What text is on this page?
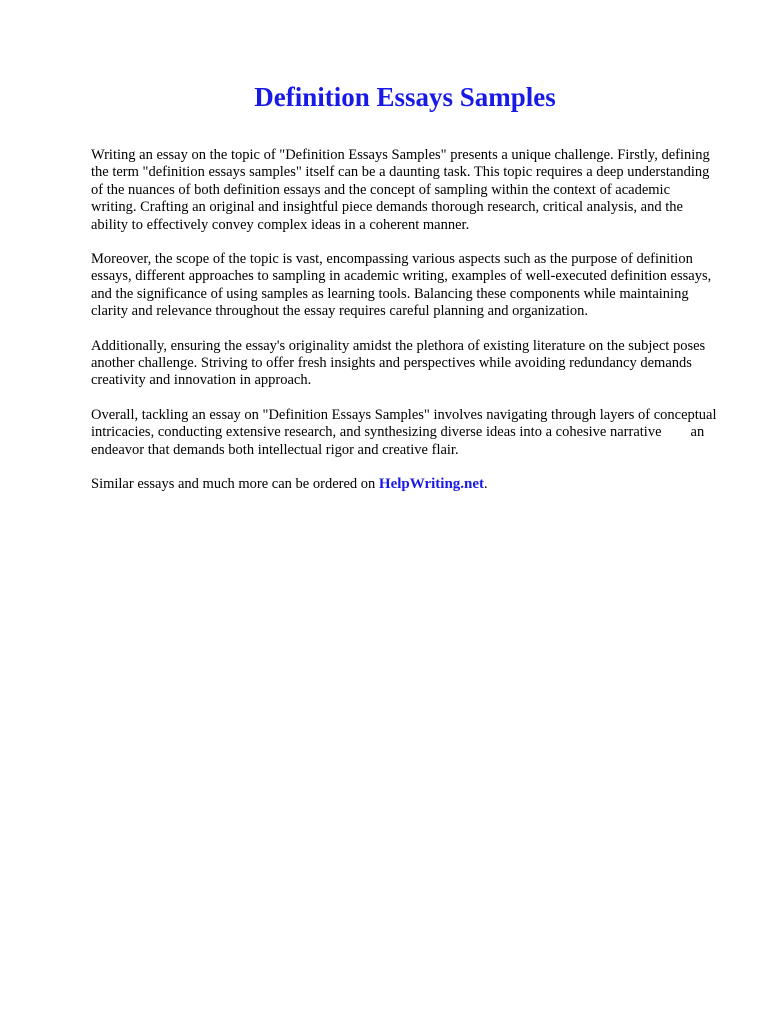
Definition Essays Samples

Writing an essay on the topic of "Definition Essays Samples" presents a unique challenge. Firstly, defining the term "definition essays samples" itself can be a daunting task. This topic requires a deep understanding of the nuances of both definition essays and the concept of sampling within the context of academic writing. Crafting an original and insightful piece demands thorough research, critical analysis, and the ability to effectively convey complex ideas in a coherent manner.

Moreover, the scope of the topic is vast, encompassing various aspects such as the purpose of definition essays, different approaches to sampling in academic writing, examples of well-executed definition essays, and the significance of using samples as learning tools. Balancing these components while maintaining clarity and relevance throughout the essay requires careful planning and organization.

Additionally, ensuring the essay's originality amidst the plethora of existing literature on the subject poses another challenge. Striving to offer fresh insights and perspectives while avoiding redundancy demands creativity and innovation in approach.

Overall, tackling an essay on "Definition Essays Samples" involves navigating through layers of conceptual intricacies, conducting extensive research, and synthesizing diverse ideas into a cohesive narrative  an endeavor that demands both intellectual rigor and creative flair.

Similar essays and much more can be ordered on HelpWriting.net.
